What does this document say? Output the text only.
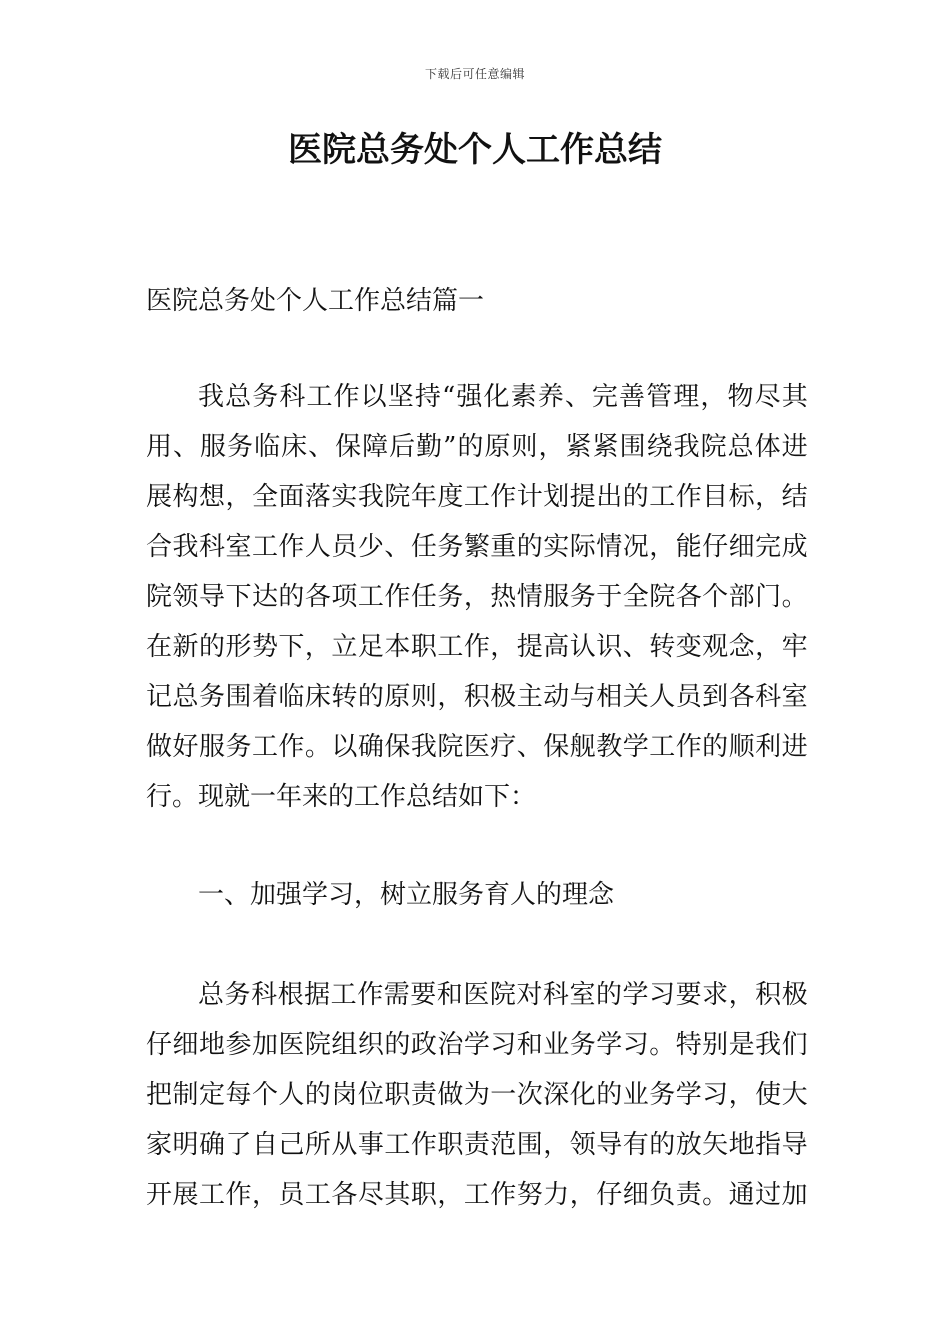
下载后可任意编辑
医院总务处个人工作总结
医院总务处个人工作总结篇一
我 总 务 科 工 作 以 坚 持 “ 强 化 素 养 、 完 善 管 理 ， 物 尽 其
用 、 服 务 临 床 、 保 障 后 勤 ” 的 原 则 ， 紧 紧 围 绕 我 院 总 体 进
展 构 想 ， 全 面 落 实 我 院 年 度 工 作 计 划 提 出 的 工 作 目 标 ， 结
合 我 科 室 工 作 人 员 少 、 任 务 繁 重 的 实 际 情 况 ， 能 仔 细 完 成
院 领 导 下 达 的 各 项 工 作 任 务 ， 热 情 服 务 于 全 院 各 个 部 门 。
在 新 的 形 势 下 ， 立 足 本 职 工 作 ， 提 高 认 识 、 转 变 观 念 ， 牢
记 总 务 围 着 临 床 转 的 原 则 ， 积 极 主 动 与 相 关 人 员 到 各 科 室
做 好 服 务 工 作 。 以 确 保 我 院 医 疗 、 保 舰 教 学 工 作 的 顺 利 进
行。现就一年来的工作总结如下：
一、加强学习，树立服务育人的理念
总 务 科 根 据 工 作 需 要 和 医 院 对 科 室 的 学 习 要 求 ， 积 极
仔 细 地 参 加 医 院 组 织 的 政 治 学 习 和 业 务 学 习 。 特 别 是 我 们
把 制 定 每 个 人 的 岗 位 职 责 做 为 一 次 深 化 的 业 务 学 习 ， 使 大
家 明 确 了 自 己 所 从 事 工 作 职 责 范 围 ， 领 导 有 的 放 矢 地 指 导
开 展 工 作 ， 员 工 各 尽 其 职 ， 工 作 努 力 ， 仔 细 负 责 。 通 过 加
